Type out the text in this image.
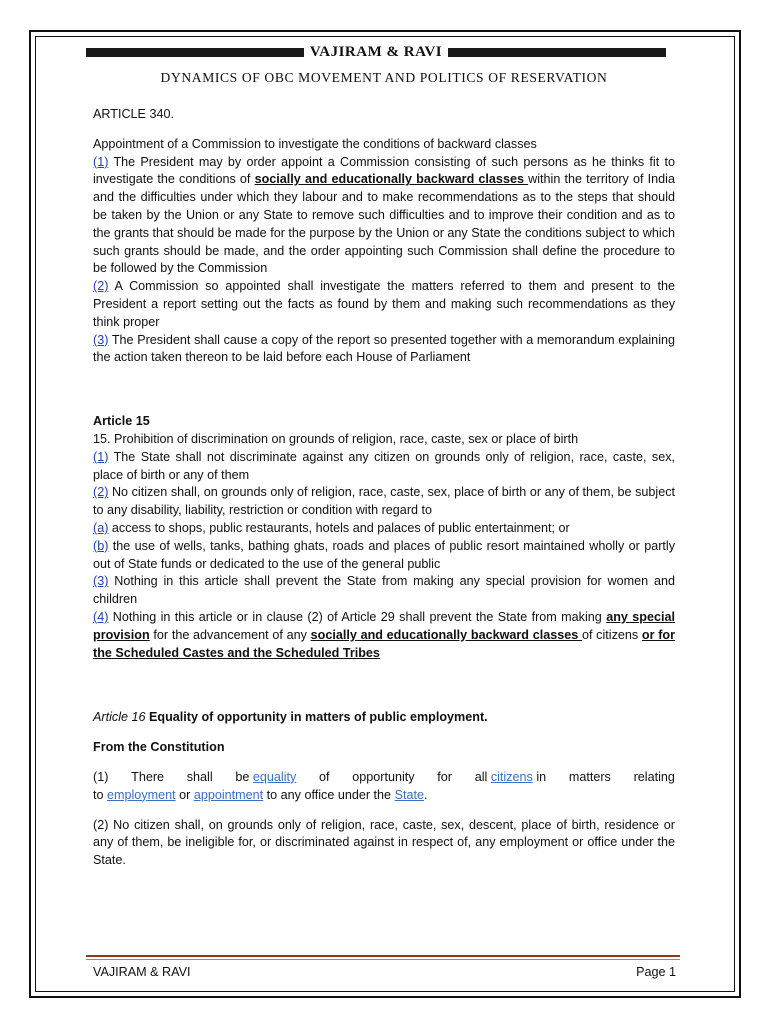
VAJIRAM & RAVI
DYNAMICS OF OBC MOVEMENT AND POLITICS OF RESERVATION

ARTICLE 340.

Appointment of a Commission to investigate the conditions of backward classes

(1) The President may by order appoint a Commission consisting of such persons as he thinks fit to investigate the conditions of socially and educationally backward classes within the territory of India and the difficulties under which they labour and to make recommendations as to the steps that should be taken by the Union or any State to remove such difficulties and to improve their condition and as to the grants that should be made for the purpose by the Union or any State the conditions subject to which such grants should be made, and the order appointing such Commission shall define the procedure to be followed by the Commission

(2) A Commission so appointed shall investigate the matters referred to them and present to the President a report setting out the facts as found by them and making such recommendations as they think proper

(3) The President shall cause a copy of the report so presented together with a memorandum explaining the action taken thereon to be laid before each House of Parliament

Article 15

15. Prohibition of discrimination on grounds of religion, race, caste, sex or place of birth

(1) The State shall not discriminate against any citizen on grounds only of religion, race, caste, sex, place of birth or any of them

(2) No citizen shall, on grounds only of religion, race, caste, sex, place of birth or any of them, be subject to any disability, liability, restriction or condition with regard to

(a) access to shops, public restaurants, hotels and palaces of public entertainment; or

(b) the use of wells, tanks, bathing ghats, roads and places of public resort maintained wholly or partly out of State funds or dedicated to the use of the general public

(3) Nothing in this article shall prevent the State from making any special provision for women and children

(4) Nothing in this article or in clause (2) of Article 29 shall prevent the State from making any special provision for the advancement of any socially and educationally backward classes of citizens or for the Scheduled Castes and the Scheduled Tribes

Article 16 Equality of opportunity in matters of public employment.

From the Constitution

(1) There shall be equality of opportunity for all citizens in matters relating

to employment or appointment to any office under the State.

(2) No citizen shall, on grounds only of religion, race, caste, sex, descent, place of birth, residence or any of them, be ineligible for, or discriminated against in respect of, any employment or office under the State.

VAJIRAM & RAVI	Page 1
